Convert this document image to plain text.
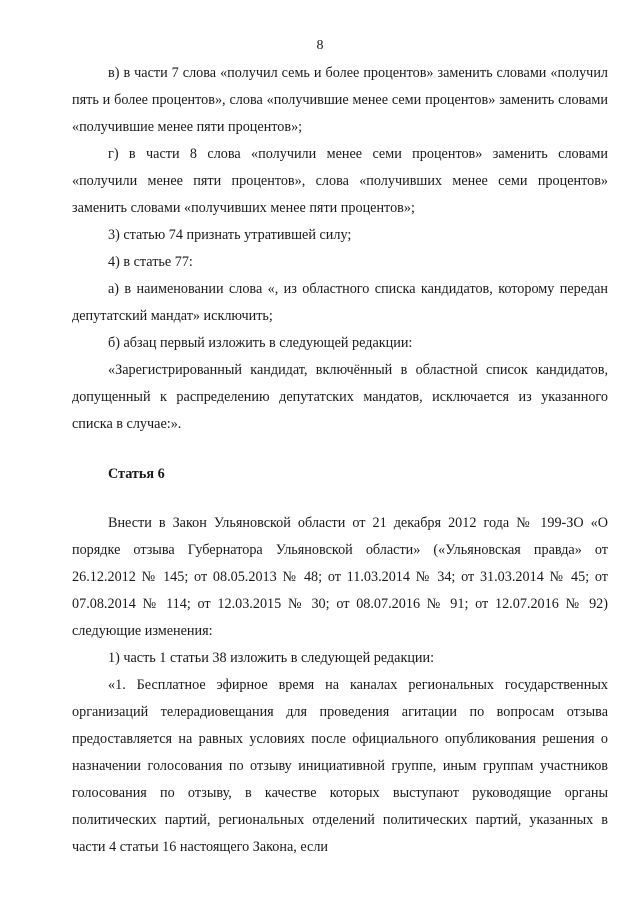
8

в) в части 7 слова «получил семь и более процентов» заменить словами «получил пять и более процентов», слова «получившие менее семи процентов» заменить словами «получившие менее пяти процентов»;

г) в части 8 слова «получили менее семи процентов» заменить словами «получили менее пяти процентов», слова «получивших менее семи процентов» заменить словами «получивших менее пяти процентов»;

3) статью 74 признать утратившей силу;

4) в статье 77:

а) в наименовании слова «, из областного списка кандидатов, которому передан депутатский мандат» исключить;

б) абзац первый изложить в следующей редакции:

«Зарегистрированный кандидат, включённый в областной список кандидатов, допущенный к распределению депутатских мандатов, исключается из указанного списка в случае:».

Статья 6

Внести в Закон Ульяновской области от 21 декабря 2012 года № 199-ЗО «О порядке отзыва Губернатора Ульяновской области» («Ульяновская правда» от 26.12.2012 № 145; от 08.05.2013 № 48; от 11.03.2014 № 34; от 31.03.2014 № 45; от 07.08.2014 № 114; от 12.03.2015 № 30; от 08.07.2016 № 91; от 12.07.2016 № 92) следующие изменения:

1) часть 1 статьи 38 изложить в следующей редакции:

«1. Бесплатное эфирное время на каналах региональных государственных организаций телерадиовещания для проведения агитации по вопросам отзыва предоставляется на равных условиях после официального опубликования решения о назначении голосования по отзыву инициативной группе, иным группам участников голосования по отзыву, в качестве которых выступают руководящие органы политических партий, региональных отделений политических партий, указанных в части 4 статьи 16 настоящего Закона, если
